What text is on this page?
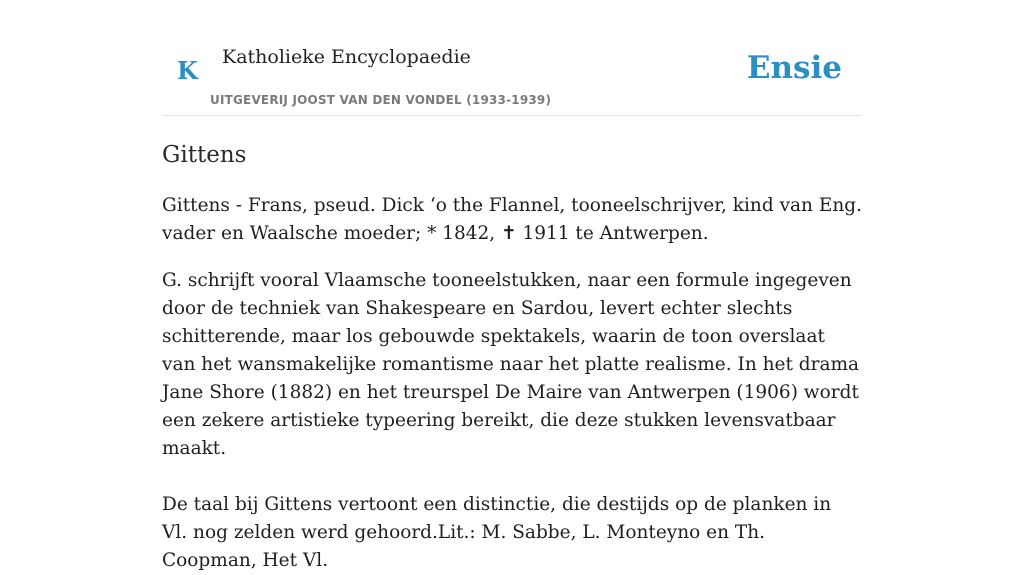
K Katholieke Encyclopaedie
UITGEVERIJ JOOST VAN DEN VONDEL (1933-1939)
Ensie
Gittens

Gittens - Frans, pseud. Dick ʻo the Flannel, tooneelschrijver, kind van Eng. vader en Waalsche moeder; * 1842, ✝ 1911 te Antwerpen.

G. schrijft vooral Vlaamsche tooneelstukken, naar een formule ingegeven door de techniek van Shakespeare en Sardou, levert echter slechts schitterende, maar los gebouwde spektakels, waarin de toon overslaat van het wansmakelijke romantisme naar het platte realisme. In het drama Jane Shore (1882) en het treurspel De Maire van Antwerpen (1906) wordt een zekere artistieke typeering bereikt, die deze stukken levensvatbaar maakt.

De taal bij Gittens vertoont een distinctie, die destijds op de planken in Vl. nog zelden werd gehoord.Lit.: M. Sabbe, L. Monteyno en Th. Coopman, Het Vl.
